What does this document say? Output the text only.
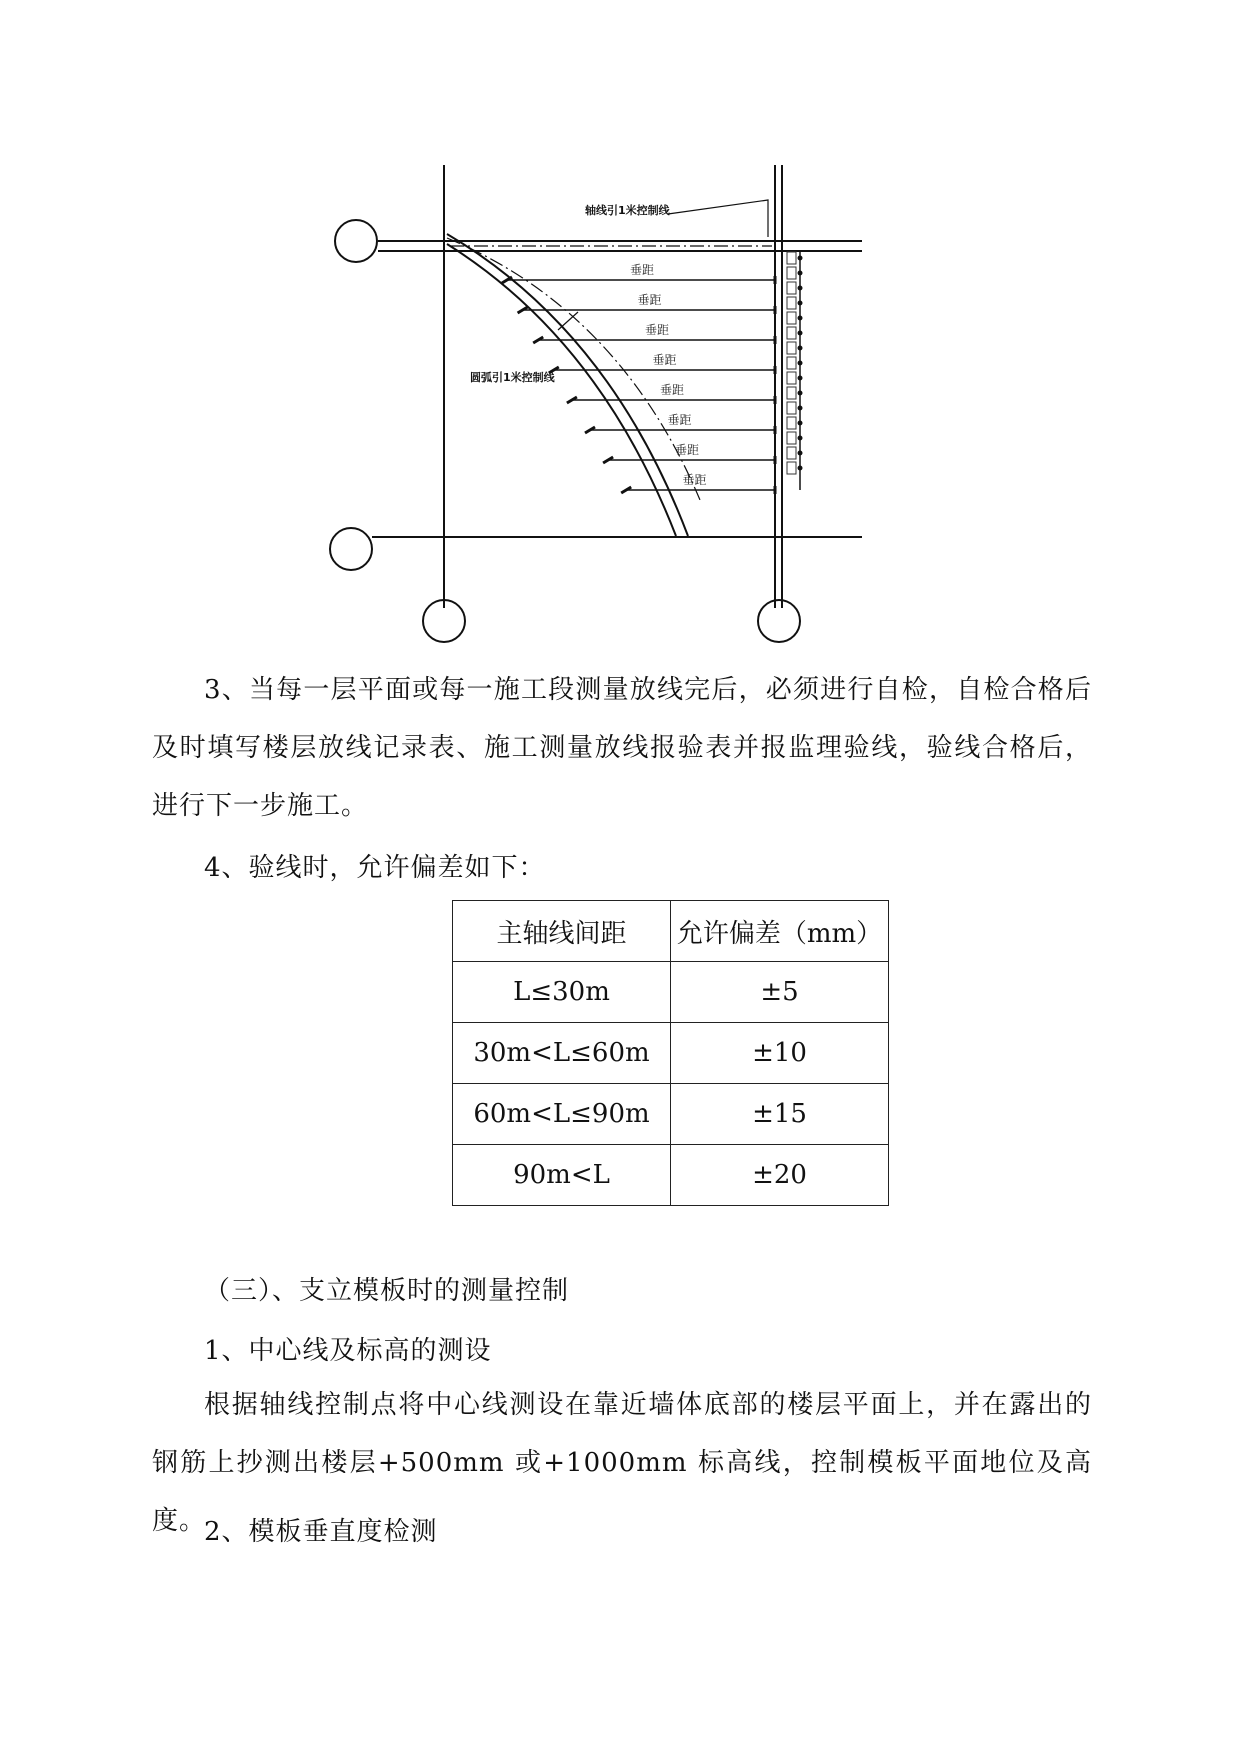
垂距
垂距
垂距
垂距
垂距
垂距
垂距
垂距
轴线引1米控制线
圆弧引1米控制线

3、当每一层平面或每一施工段测量放线完后，必须进行自检，自检合格后及时填写楼层放线记录表、施工测量放线报验表并报监理验线，验线合格后，进行下一步施工。

4、验线时，允许偏差如下：

主轴线间距	允许偏差（mm）
L≤30m	±5
30m<L≤60m	±10
60m<L≤90m	±15
90m<L	±20

（三）、支立模板时的测量控制

1、中心线及标高的测设

根据轴线控制点将中心线测设在靠近墙体底部的楼层平面上，并在露出的钢筋上抄测出楼层+500mm 或+1000mm 标高线，控制模板平面地位及高度。

2、模板垂直度检测
